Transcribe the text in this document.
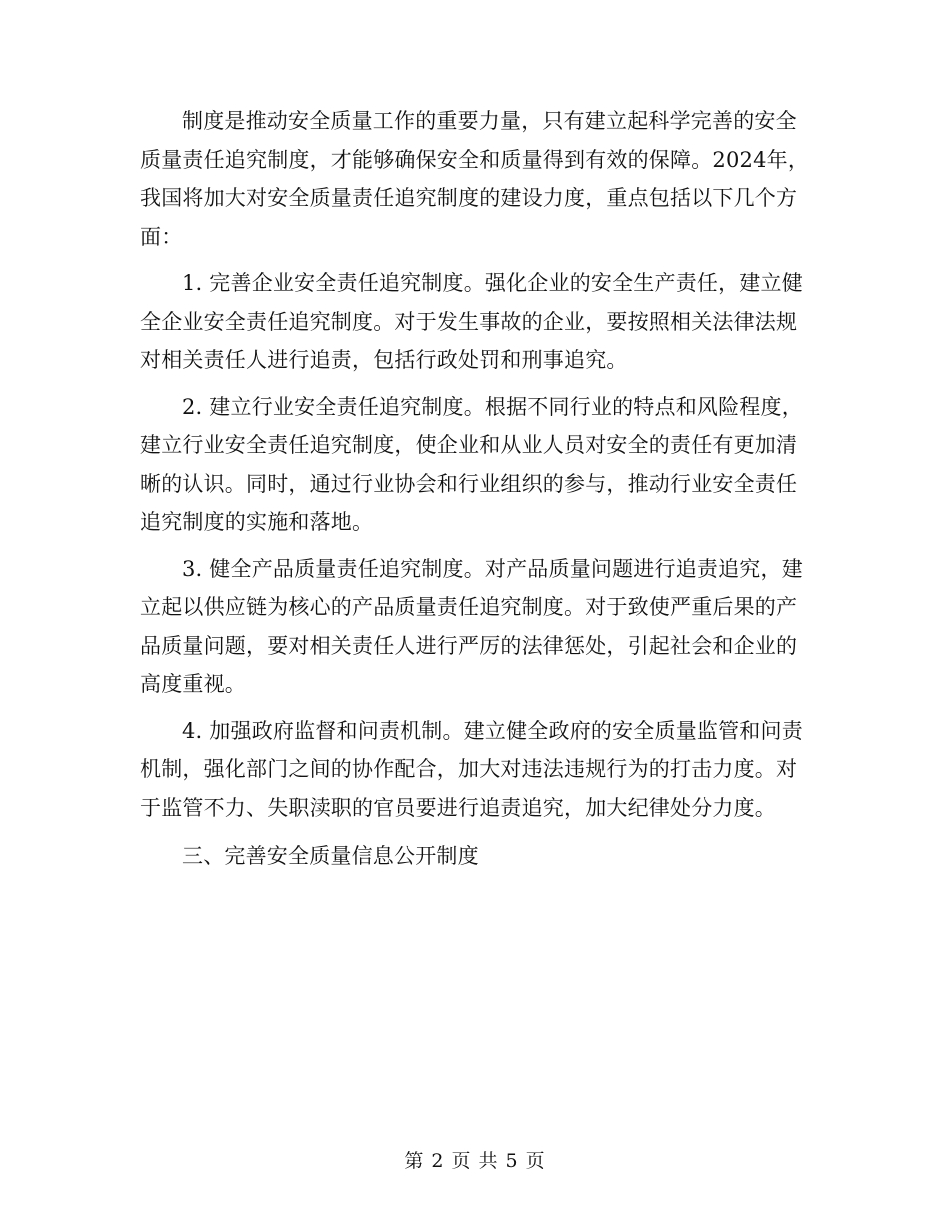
制度是推动安全质量工作的重要力量，只有建立起科学完善的安全质量责任追究制度，才能够确保安全和质量得到有效的保障。2024年，我国将加大对安全质量责任追究制度的建设力度，重点包括以下几个方面：

1. 完善企业安全责任追究制度。强化企业的安全生产责任，建立健全企业安全责任追究制度。对于发生事故的企业，要按照相关法律法规对相关责任人进行追责，包括行政处罚和刑事追究。

2. 建立行业安全责任追究制度。根据不同行业的特点和风险程度，建立行业安全责任追究制度，使企业和从业人员对安全的责任有更加清晰的认识。同时，通过行业协会和行业组织的参与，推动行业安全责任追究制度的实施和落地。

3. 健全产品质量责任追究制度。对产品质量问题进行追责追究，建立起以供应链为核心的产品质量责任追究制度。对于致使严重后果的产品质量问题，要对相关责任人进行严厉的法律惩处，引起社会和企业的高度重视。

4. 加强政府监督和问责机制。建立健全政府的安全质量监管和问责机制，强化部门之间的协作配合，加大对违法违规行为的打击力度。对于监管不力、失职渎职的官员要进行追责追究，加大纪律处分力度。

三、完善安全质量信息公开制度

第 2 页 共 5 页
